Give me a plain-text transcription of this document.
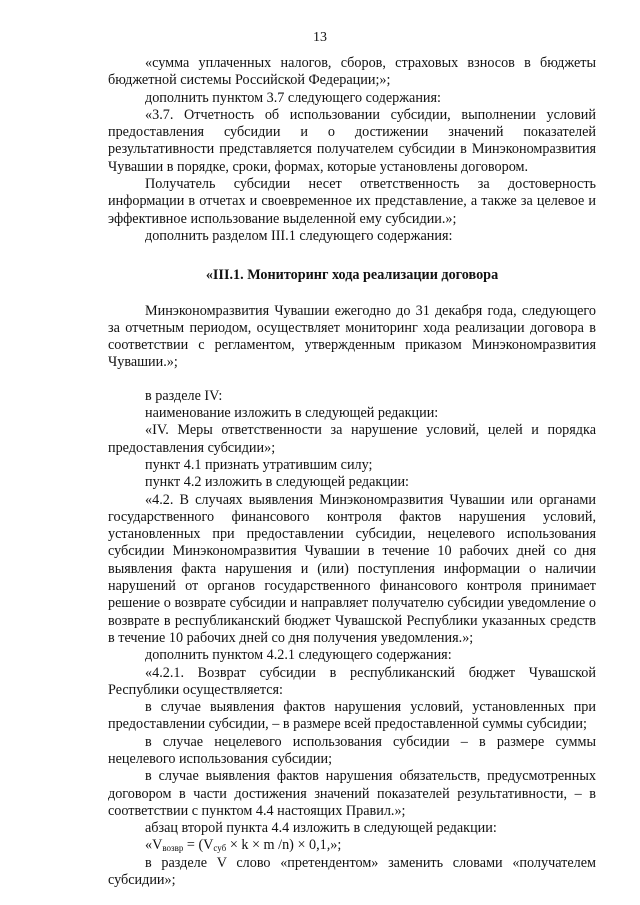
13

«сумма уплаченных налогов, сборов, страховых взносов в бюджеты бюджетной системы Российской Федерации;»;

дополнить пунктом 3.7 следующего содержания:

«3.7. Отчетность об использовании субсидии, выполнении условий предоставления субсидии и о достижении значений показателей результативности представляется получателем субсидии в Минэкономразвития Чувашии в порядке, сроки, формах, которые установлены договором.

Получатель субсидии несет ответственность за достоверность информации в отчетах и своевременное их представление, а также за целевое и эффективное использование выделенной ему субсидии.»;

дополнить разделом III.1 следующего содержания:

«III.1. Мониторинг хода реализации договора

Минэкономразвития Чувашии ежегодно до 31 декабря года, следующего за отчетным периодом, осуществляет мониторинг хода реализации договора в соответствии с регламентом, утвержденным приказом Минэкономразвития Чувашии.»;

в разделе IV:

наименование изложить в следующей редакции:

«IV. Меры ответственности за нарушение условий, целей и порядка предоставления субсидии»;

пункт 4.1 признать утратившим силу;

пункт 4.2 изложить в следующей редакции:

«4.2. В случаях выявления Минэкономразвития Чувашии или органами государственного финансового контроля фактов нарушения условий, установленных при предоставлении субсидии, нецелевого использования субсидии Минэкономразвития Чувашии в течение 10 рабочих дней со дня выявления факта нарушения и (или) поступления информации о наличии нарушений от органов государственного финансового контроля принимает решение о возврате субсидии и направляет получателю субсидии уведомление о возврате в республиканский бюджет Чувашской Республики указанных средств в течение 10 рабочих дней со дня получения уведомления.»;

дополнить пунктом 4.2.1 следующего содержания:

«4.2.1. Возврат субсидии в республиканский бюджет Чувашской Республики осуществляется:

в случае выявления фактов нарушения условий, установленных при предоставлении субсидии, – в размере всей предоставленной суммы субсидии;

в случае нецелевого использования субсидии – в размере суммы нецелевого использования субсидии;

в случае выявления фактов нарушения обязательств, предусмотренных договором в части достижения значений показателей результативности, – в соответствии с пунктом 4.4 настоящих Правил.»;

абзац второй пункта 4.4 изложить в следующей редакции:

«$V_{возвр} = (V_{суб} \times k \times m$ /n) × 0,1,»;

в разделе V слово «претендентом» заменить словами «получателем субсидии»;
